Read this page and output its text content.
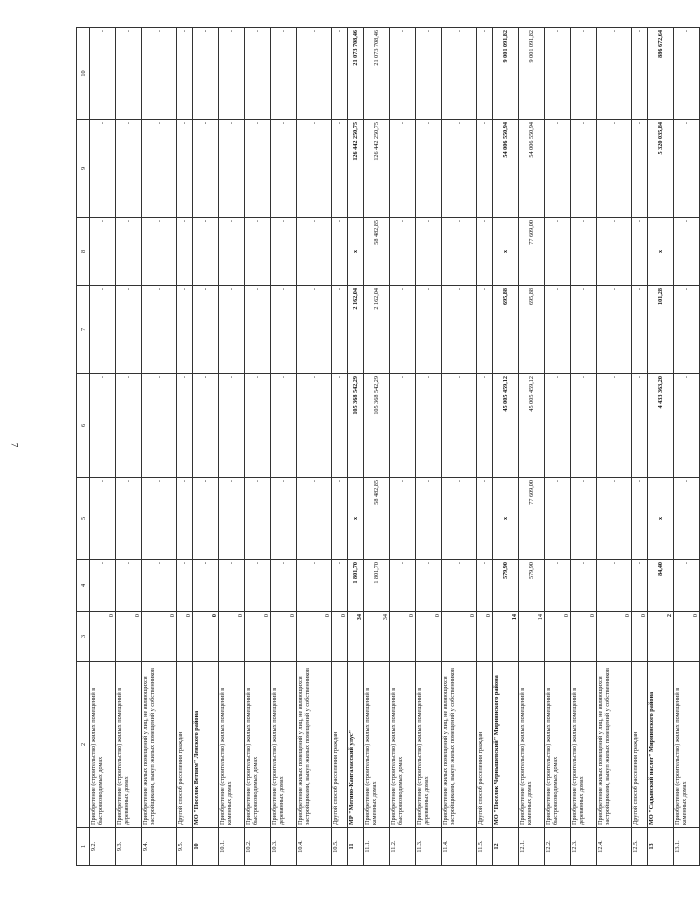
7
1	2	3	4	5	6	7	8	9	10
9.2.	Приобретение (строительство) жилых помещений в быстровозводимых домах	0	-	-	-	-	-	-	-
9.3.	Приобретение (строительство) жилых помещений в деревянных домах	0	-	-	-	-	-	-	-
9.4.	Приобретение жилых помещений у лиц, не являющихся застройщиками, выкуп жилых помещений у собственников	0	-	-	-	-	-	-	-
9.5.	Другой способ расселения граждан	0	-	-	-	-	-	-	-
10	МО "Поселок Ветвим" Ленского района	0	-	-	-	-	-	-	-
10.1.	Приобретение (строительство) жилых помещений в каменных домах	0	-	-	-	-	-	-	-
10.2.	Приобретение (строительство) жилых помещений в быстровозводимых домах	0	-	-	-	-	-	-	-
10.3.	Приобретение (строительство) жилых помещений в деревянных домах	0	-	-	-	-	-	-	-
10.4.	Приобретение жилых помещений у лиц, не являющихся застройщиками, выкуп жилых помещений у собственников	0	-	-	-	-	-	-	-
10.5.	Другой способ расселения граждан	0	-	-	-	-	-	-	-
11	МР "Мегино-Кангаласский улус"	34	1 801,70	x	105 368 542,29	2 162,04	x	126 442 250,75	21 073 708,46
11.1.	Приобретение (строительство) жилых помещений в каменных домах	34	1 801,70	58 482,85	105 368 542,29	2 162,04	58 482,85	126 442 250,75	21 073 708,46
11.2.	Приобретение (строительство) жилых помещений в быстровозводимых домах	0	-	-	-	-	-	-	-
11.3.	Приобретение (строительство) жилых помещений в деревянных домах	0	-	-	-	-	-	-	-
11.4.	Приобретение жилых помещений у лиц, не являющихся застройщиками, выкуп жилых помещений у собственников	0	-	-	-	-	-	-	-
11.5.	Другой способ расселения граждан	0	-	-	-	-	-	-	-
12	МО "Поселок Чернышевский" Мирнинского района	14	579,90	x	45 005 459,12	695,88	x	54 006 550,94	9 001 091,82
12.1.	Приобретение (строительство) жилых помещений в каменных домах	14	579,90	77 609,00	45 005 459,12	695,88	77 609,00	54 006 550,94	9 001 091,82
12.2.	Приобретение (строительство) жилых помещений в быстровозводимых домах	0	-	-	-	-	-	-	-
12.3.	Приобретение (строительство) жилых помещений в деревянных домах	0	-	-	-	-	-	-	-
12.4.	Приобретение жилых помещений у лиц, не являющихся застройщиками, выкуп жилых помещений у собственников	0	-	-	-	-	-	-	-
12.5.	Другой способ расселения граждан	0	-	-	-	-	-	-	-
13	МО "Садынский наслег" Мирнинского района	2	84,40	x	4 433 363,20	101,28	x	5 320 035,84	886 672,64
13.1.	Приобретение (строительство) жилых помещений в каменных домах	0	-	-	-	-	-	-	-
